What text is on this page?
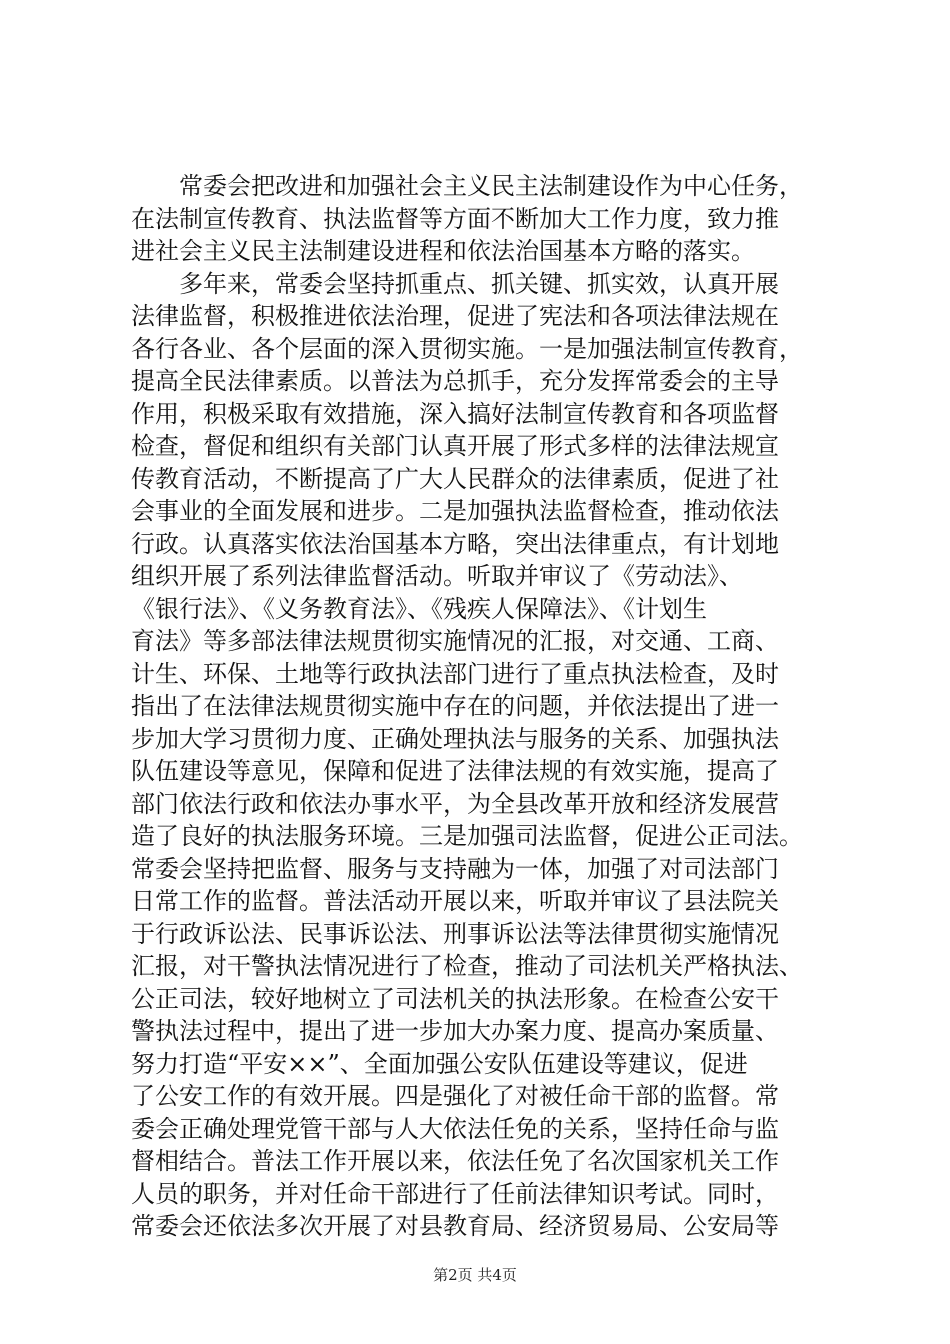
常委会把改进和加强社会主义民主法制建设作为中心任务，
在法制宣传教育、执法监督等方面不断加大工作力度，致力推
进社会主义民主法制建设进程和依法治国基本方略的落实。
多年来，常委会坚持抓重点、抓关键、抓实效，认真开展
法律监督，积极推进依法治理，促进了宪法和各项法律法规在
各行各业、各个层面的深入贯彻实施。一是加强法制宣传教育，
提高全民法律素质。以普法为总抓手，充分发挥常委会的主导
作用，积极采取有效措施，深入搞好法制宣传教育和各项监督
检查，督促和组织有关部门认真开展了形式多样的法律法规宣
传教育活动，不断提高了广大人民群众的法律素质，促进了社
会事业的全面发展和进步。二是加强执法监督检查，推动依法
行政。认真落实依法治国基本方略，突出法律重点，有计划地
组织开展了系列法律监督活动。听取并审议了《劳动法》、
《银行法》、《义务教育法》、《残疾人保障法》、《计划生
育法》等多部法律法规贯彻实施情况的汇报，对交通、工商、
计生、环保、土地等行政执法部门进行了重点执法检查，及时
指出了在法律法规贯彻实施中存在的问题，并依法提出了进一
步加大学习贯彻力度、正确处理执法与服务的关系、加强执法
队伍建设等意见，保障和促进了法律法规的有效实施，提高了
部门依法行政和依法办事水平，为全县改革开放和经济发展营
造了良好的执法服务环境。三是加强司法监督，促进公正司法。
常委会坚持把监督、服务与支持融为一体，加强了对司法部门
日常工作的监督。普法活动开展以来，听取并审议了县法院关
于行政诉讼法、民事诉讼法、刑事诉讼法等法律贯彻实施情况
汇报，对干警执法情况进行了检查，推动了司法机关严格执法、
公正司法，较好地树立了司法机关的执法形象。在检查公安干
警执法过程中，提出了进一步加大办案力度、提高办案质量、
努力打造“平安××”、全面加强公安队伍建设等建议，促进
了公安工作的有效开展。四是强化了对被任命干部的监督。常
委会正确处理党管干部与人大依法任免的关系，坚持任命与监
督相结合。普法工作开展以来，依法任免了名次国家机关工作
人员的职务，并对任命干部进行了任前法律知识考试。同时，
常委会还依法多次开展了对县教育局、经济贸易局、公安局等
第2页 共4页
